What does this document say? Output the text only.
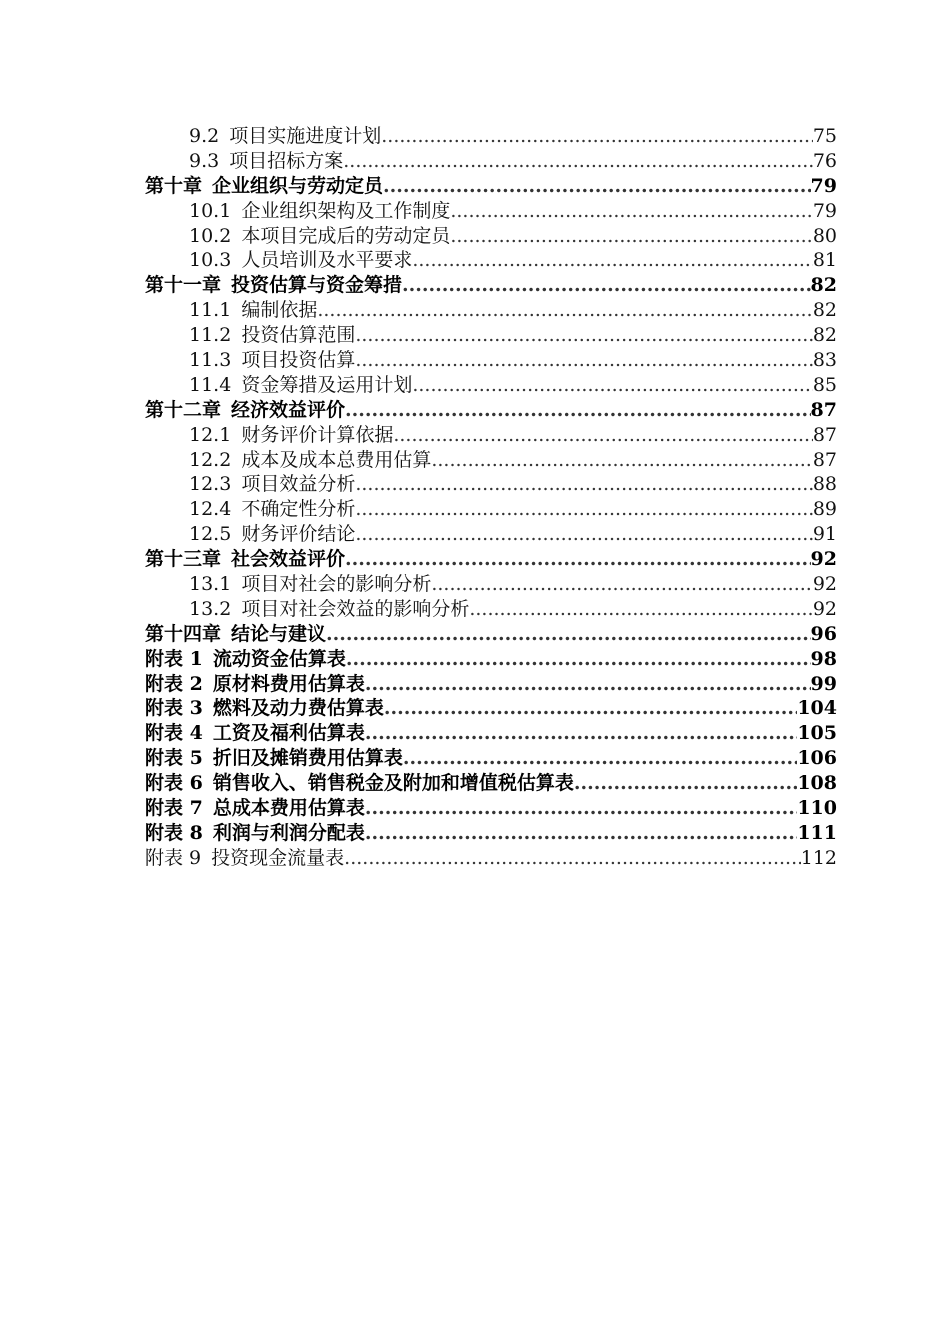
9.2 项目实施进度计划 .....	75
9.3 项目招标方案 .....	76
第十章 企业组织与劳动定员 .....	79
10.1 企业组织架构及工作制度 .....	79
10.2 本项目完成后的劳动定员 .....	80
10.3 人员培训及水平要求 .....	81
第十一章 投资估算与资金筹措 .....	82
11.1 编制依据 .....	82
11.2 投资估算范围 .....	82
11.3 项目投资估算 .....	83
11.4 资金筹措及运用计划 .....	85
第十二章 经济效益评价 .....	87
12.1 财务评价计算依据 .....	87
12.2 成本及成本总费用估算 .....	87
12.3 项目效益分析 .....	88
12.4 不确定性分析 .....	89
12.5 财务评价结论 .....	91
第十三章 社会效益评价 .....	92
13.1 项目对社会的影响分析 .....	92
13.2 项目对社会效益的影响分析 .....	92
第十四章 结论与建议 .....	96
附表 1 流动资金估算表 .....	98
附表 2 原材料费用估算表 .....	99
附表 3 燃料及动力费估算表 .....	104
附表 4 工资及福利估算表 .....	105
附表 5 折旧及摊销费用估算表 .....	106
附表 6 销售收入、销售税金及附加和增值税估算表 .....	108
附表 7 总成本费用估算表 .....	110
附表 8 利润与利润分配表 .....	111
附表 9 投资现金流量表 .....	112
